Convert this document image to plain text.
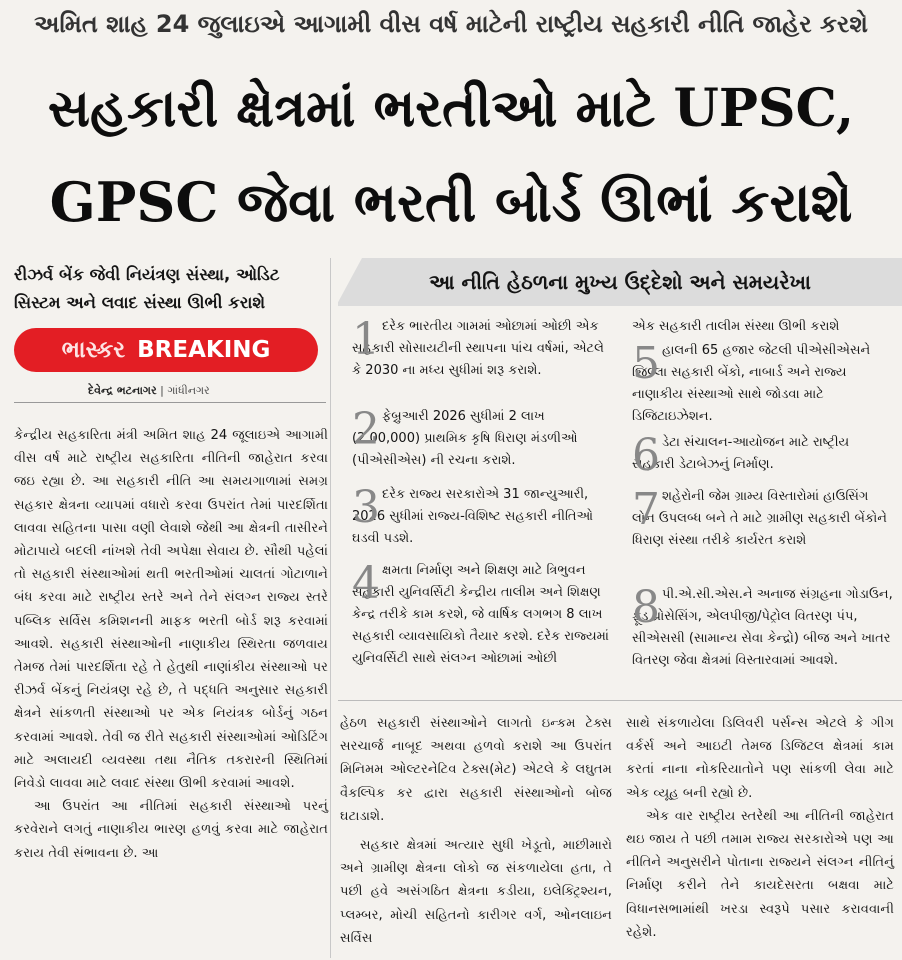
અમિત શાહ 24 જુલાઇએ આગામી વીસ વર્ષ માટેની રાષ્ટ્રીય સહકારી નીતિ જાહેર કરશે
સહકારી ક્ષેત્રમાં ભરતીઓ માટે UPSC,
GPSC જેવા ભરતી બોર્ડ ઊભાં કરાશે
રીઝર્વ બેંક જેવી નિયંત્રણ સંસ્થા, ઓડિટ
સિસ્ટમ અને લવાદ સંસ્થા ઊભી કરાશે
ભાસ્કર BREAKING
દેવેન્દ્ર ભટનાગર | ગાંધીનગર

કેન્દ્રીય સહકારિતા મંત્રી અમિત શાહ 24 જૂલાઇએ આગામી વીસ વર્ષ માટે રાષ્ટ્રીય સહકારિતા નીતિની જાહેરાત કરવા જઇ રહ્યા છે. આ સહકારી નીતિ આ સમયગાળામાં સમગ્ર સહકાર ક્ષેત્રના વ્યાપમાં વધારો કરવા ઉપરાંત તેમાં પારદર્શિતા લાવવા સહિતના પાસા વણી લેવાશે જેથી આ ક્ષેત્રની તાસીરને મોટાપાયે બદલી નાંખશે તેવી અપેક્ષા સેવાય છે. સૌથી પહેલાં તો સહકારી સંસ્થાઓમાં થતી ભરતીઓમાં ચાલતાં ગોટાળાને બંધ કરવા માટે રાષ્ટ્રીય સ્તરે અને તેને સંલગ્ન રાજ્ય સ્તરે પબ્લિક સર્વિસ કમિશનની માફક ભરતી બોર્ડ શરૂ કરવામાં આવશે. સહકારી સંસ્થાઓની નાણાકીય સ્થિરતા જળવાય તેમજ તેમાં પારદર્શિતા રહે તે હેતુથી નાણાંકીય સંસ્થાઓ પર રીઝર્વ બેંકનું નિયંત્રણ રહે છે, તે પદ્ધતિ અનુસાર સહકારી ક્ષેત્રને સાંકળતી સંસ્થાઓ પર એક નિયંત્રક બોર્ડનું ગઠન કરવામાં આવશે. તેવી જ રીતે સહકારી સંસ્થાઓમાં ઓડિટિંગ માટે અલાયદી વ્યવસ્થા તથા નૈતિક તકરારની સ્થિતિમાં નિવેડો લાવવા માટે લવાદ સંસ્થા ઊભી કરવામાં આવશે.

આ ઉપરાંત આ નીતિમાં સહકારી સંસ્થાઓ પરનું કરવેરાને લગતું નાણાકીય ભારણ હળવું કરવા માટે જાહેરાત કરાય તેવી સંભાવના છે. આ

આ નીતિ હેઠળના મુખ્ય ઉદ્દેશો અને સમયરેખા
1 દરેક ભારતીય ગામમાં ઓછામાં ઓછી એક સહકારી સોસાયટીની સ્થાપના પાંચ વર્ષમાં, એટલે કે 2030 ના મધ્ય સુધીમાં શરૂ કરાશે.
2 ફેબ્રુઆરી 2026 સુધીમાં 2 લાખ (2,00,000) પ્રાથમિક કૃષિ ધિરાણ મંડળીઓ (પીએસીએસ) ની રચના કરાશે.
3 દરેક રાજ્ય સરકારોએ 31 જાન્યુઆરી, 2026 સુધીમાં રાજ્ય-વિશિષ્ટ સહકારી નીતિઓ ઘડવી પડશે.
4 ક્ષમતા નિર્માણ અને શિક્ષણ માટે ત્રિભુવન સહકારી યુનિવર્સિટી કેન્દ્રીય તાલીમ અને શિક્ષણ કેન્દ્ર તરીકે કામ કરશે, જે વાર્ષિક લગભગ 8 લાખ સહકારી વ્યાવસાયિકો તૈયાર કરશે. દરેક રાજ્યમાં યુનિવર્સિટી સાથે સંલગ્ન ઓછામાં ઓછી
એક સહકારી તાલીમ સંસ્થા ઊભી કરાશે
5 હાલની 65 હજાર જેટલી પીએસીએસને જિલ્લા સહકારી બેંકો, નાબાર્ડ અને રાજ્ય નાણાકીય સંસ્થાઓ સાથે જોડવા માટે ડિજિટાઇઝેશન.
6 ડેટા સંચાલન-આયોજન માટે રાષ્ટ્રીય સહકારી ડેટાબેઝનું નિર્માણ.
7 શહેરોની જેમ ગ્રામ્ય વિસ્તારોમાં હાઉસિંગ લોન ઉપલબ્ધ બને તે માટે ગ્રામીણ સહકારી બેંકોને ધિરાણ સંસ્થા તરીકે કાર્યરત કરાશે
8 પી.એ.સી.એસ.ને અનાજ સંગ્રહના ગોડાઉન, ફૂડ પ્રોસેસિંગ, એલપીજી/પેટ્રોલ વિતરણ પંપ, સીએસસી (સામાન્ય સેવા કેન્દ્રો) બીજ અને ખાતર વિતરણ જેવા ક્ષેત્રમાં વિસ્તારવામાં આવશે.

હેઠળ સહકારી સંસ્થાઓને લાગતો ઇન્કમ ટેક્સ સરચાર્જ નાબૂદ અથવા હળવો કરાશે આ ઉપરાંત મિનિમમ ઓલ્ટરનેટિવ ટેક્સ(મેટ) એટલે કે લઘુતમ વૈકલ્પિક કર દ્વારા સહકારી સંસ્થાઓનો બોજ ઘટાડાશે.

સહકાર ક્ષેત્રમાં અત્યાર સુધી ખેડૂતો, માછીમારો અને ગ્રામીણ ક્ષેત્રના લોકો જ સંકળાયેલા હતા, તે પછી હવે અસંગઠિત ક્ષેત્રના કડીયા, ઇલેક્ટ્રિશ્યન, પ્લમ્બર, મોચી સહિતનો કારીગર વર્ગ, ઓનલાઇન સર્વિસ

સાથે સંકળાયેલા ડિલિવરી પર્સન્સ એટલે કે ગીગ વર્કર્સ અને આઇટી તેમજ ડિજિટલ ક્ષેત્રમાં કામ કરતાં નાના નોકરિયાતોને પણ સાંકળી લેવા માટે એક વ્યૂહ બની રહ્યો છે.

એક વાર રાષ્ટ્રીય સ્તરેથી આ નીતિની જાહેરાત થઇ જાય તે પછી તમામ રાજ્ય સરકારોએ પણ આ નીતિને અનુસરીને પોતાના રાજ્યને સંલગ્ન નીતિનું નિર્માણ કરીને તેને કાયદેસરતા બક્ષવા માટે વિધાનસભામાંથી ખરડા સ્વરૂપે પસાર કરાવવાની રહેશે.
